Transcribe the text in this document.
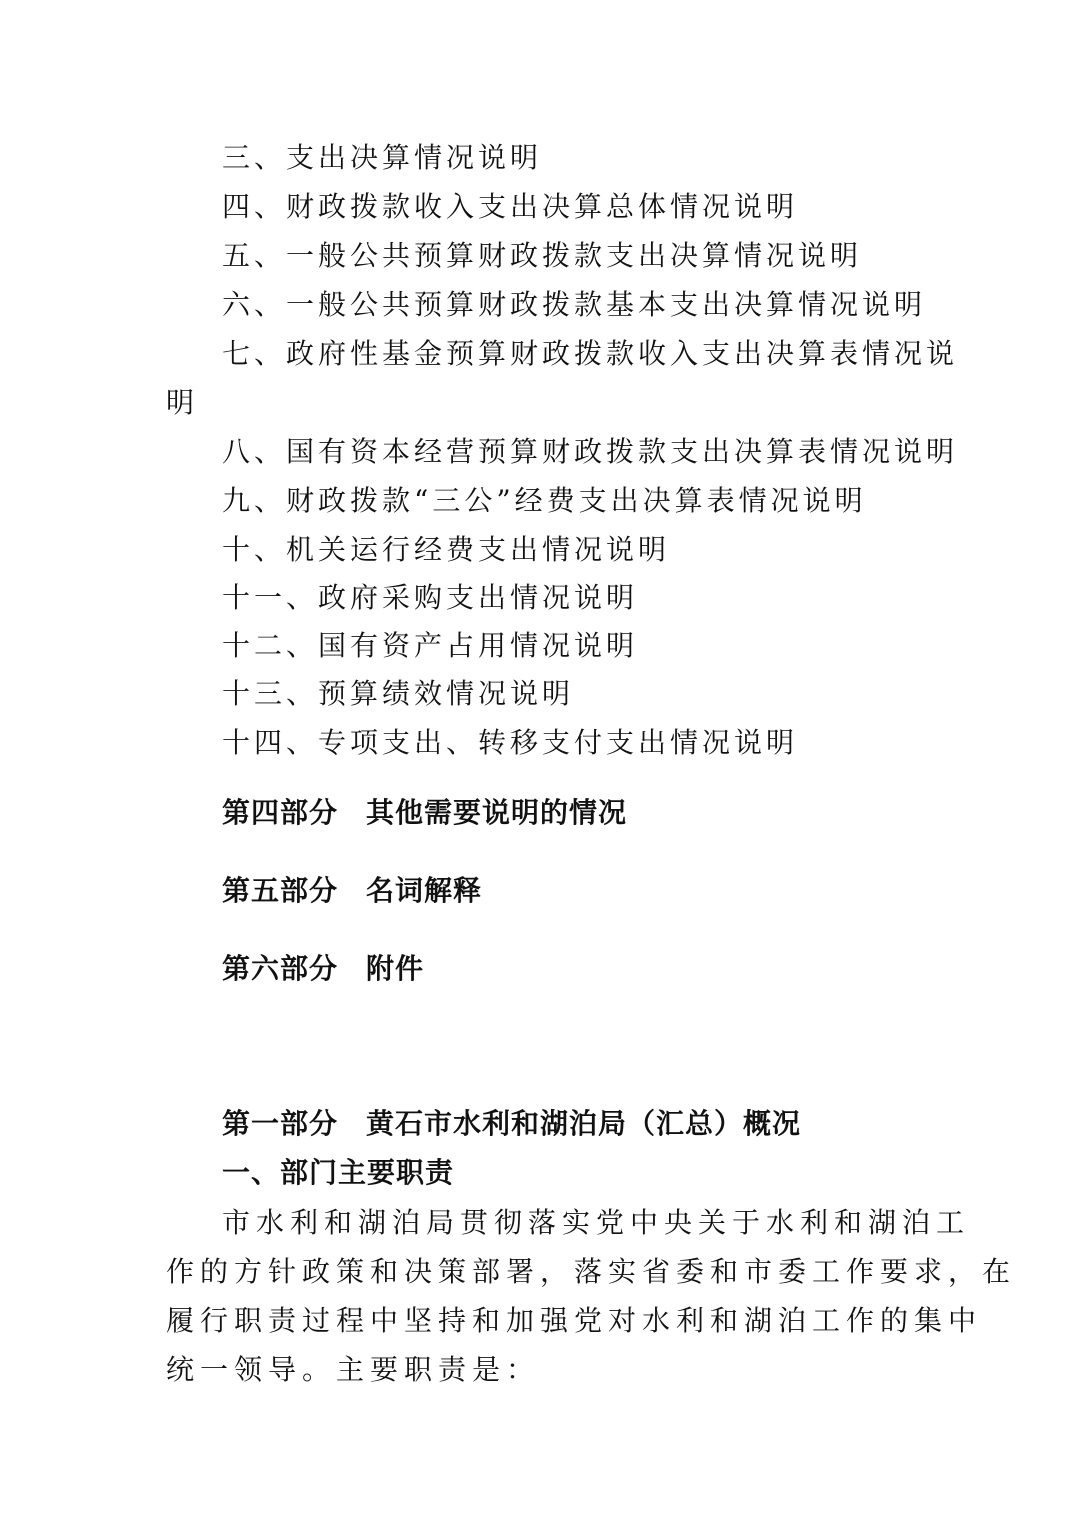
三、支出决算情况说明
四、财政拨款收入支出决算总体情况说明
五、一般公共预算财政拨款支出决算情况说明
六、一般公共预算财政拨款基本支出决算情况说明
七、政府性基金预算财政拨款收入支出决算表情况说
明
八、国有资本经营预算财政拨款支出决算表情况说明
九、财政拨款“三公”经费支出决算表情况说明
十、机关运行经费支出情况说明
十一、政府采购支出情况说明
十二、国有资产占用情况说明
十三、预算绩效情况说明
十四、专项支出、转移支付支出情况说明
第四部分 其他需要说明的情况
第五部分 名词解释
第六部分 附件
第一部分 黄石市水利和湖泊局（汇总）概况
一、部门主要职责
市水利和湖泊局贯彻落实党中央关于水利和湖泊工
作的方针政策和决策部署，落实省委和市委工作要求，在
履行职责过程中坚持和加强党对水利和湖泊工作的集中
统一领导。主要职责是：
